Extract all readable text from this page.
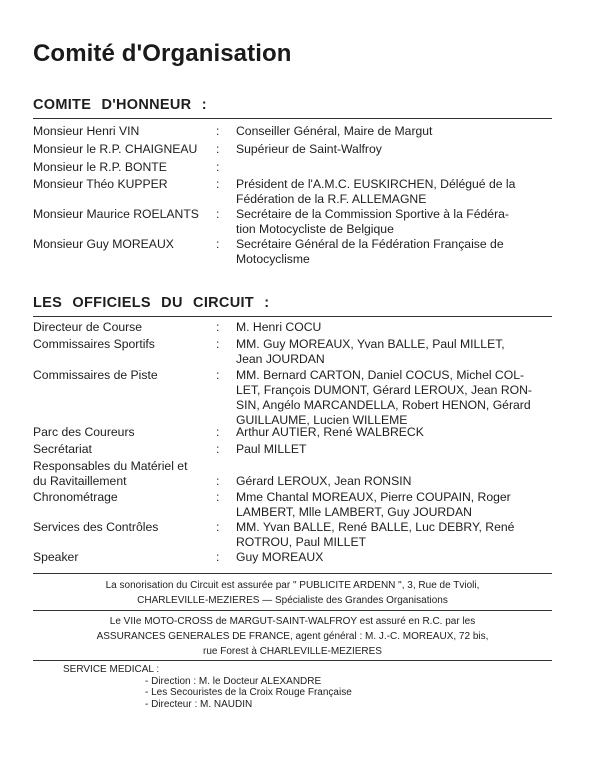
Comité d'Organisation
COMITE D'HONNEUR :
Monsieur Henri VIN	: Conseiller Général, Maire de Margut
Monsieur le R.P. CHAIGNEAU	: Supérieur de Saint-Walfroy
Monsieur le R.P. BONTE	:
Monsieur Théo KUPPER	: Président de l'A.M.C. EUSKIRCHEN, Délégué de la
Fédération de la R.F. ALLEMAGNE
Monsieur Maurice ROELANTS	: Secrétaire de la Commission Sportive à la Fédéra-
tion Motocycliste de Belgique
Monsieur Guy MOREAUX	: Secrétaire Général de la Fédération Française de
Motocyclisme
LES OFFICIELS DU CIRCUIT :
Directeur de Course	: M. Henri COCU
Commissaires Sportifs	: MM. Guy MOREAUX, Yvan BALLE, Paul MILLET,
Jean JOURDAN
Commissaires de Piste	: MM. Bernard CARTON, Daniel COCUS, Michel COL-
LET, François DUMONT, Gérard LEROUX, Jean RON-
SIN, Angélo MARCANDELLA, Robert HENON, Gérard
GUILLAUME, Lucien WILLEME
Parc des Coureurs	: Arthur AUTIER, René WALBRECK
Secrétariat	: Paul MILLET
Responsables du Matériel et
du Ravitaillement	: Gérard LEROUX, Jean RONSIN
Chronométrage	: Mme Chantal MOREAUX, Pierre COUPAIN, Roger
LAMBERT, Mlle LAMBERT, Guy JOURDAN
Services des Contrôles	: MM. Yvan BALLE, René BALLE, Luc DEBRY, René
ROTROU, Paul MILLET
Speaker	: Guy MOREAUX
La sonorisation du Circuit est assurée par " PUBLICITE ARDENN ", 3, Rue de Tvioli,
CHARLEVILLE-MEZIERES — Spécialiste des Grandes Organisations
Le VIIe MOTO-CROSS de MARGUT-SAINT-WALFROY est assuré en R.C. par les
ASSURANCES GENERALES DE FRANCE, agent général : M. J.-C. MOREAUX, 72 bis,
rue Forest à CHARLEVILLE-MEZIERES
SERVICE MEDICAL :
- Direction : M. le Docteur ALEXANDRE
- Les Secouristes de la Croix Rouge Française
- Directeur : M. NAUDIN
